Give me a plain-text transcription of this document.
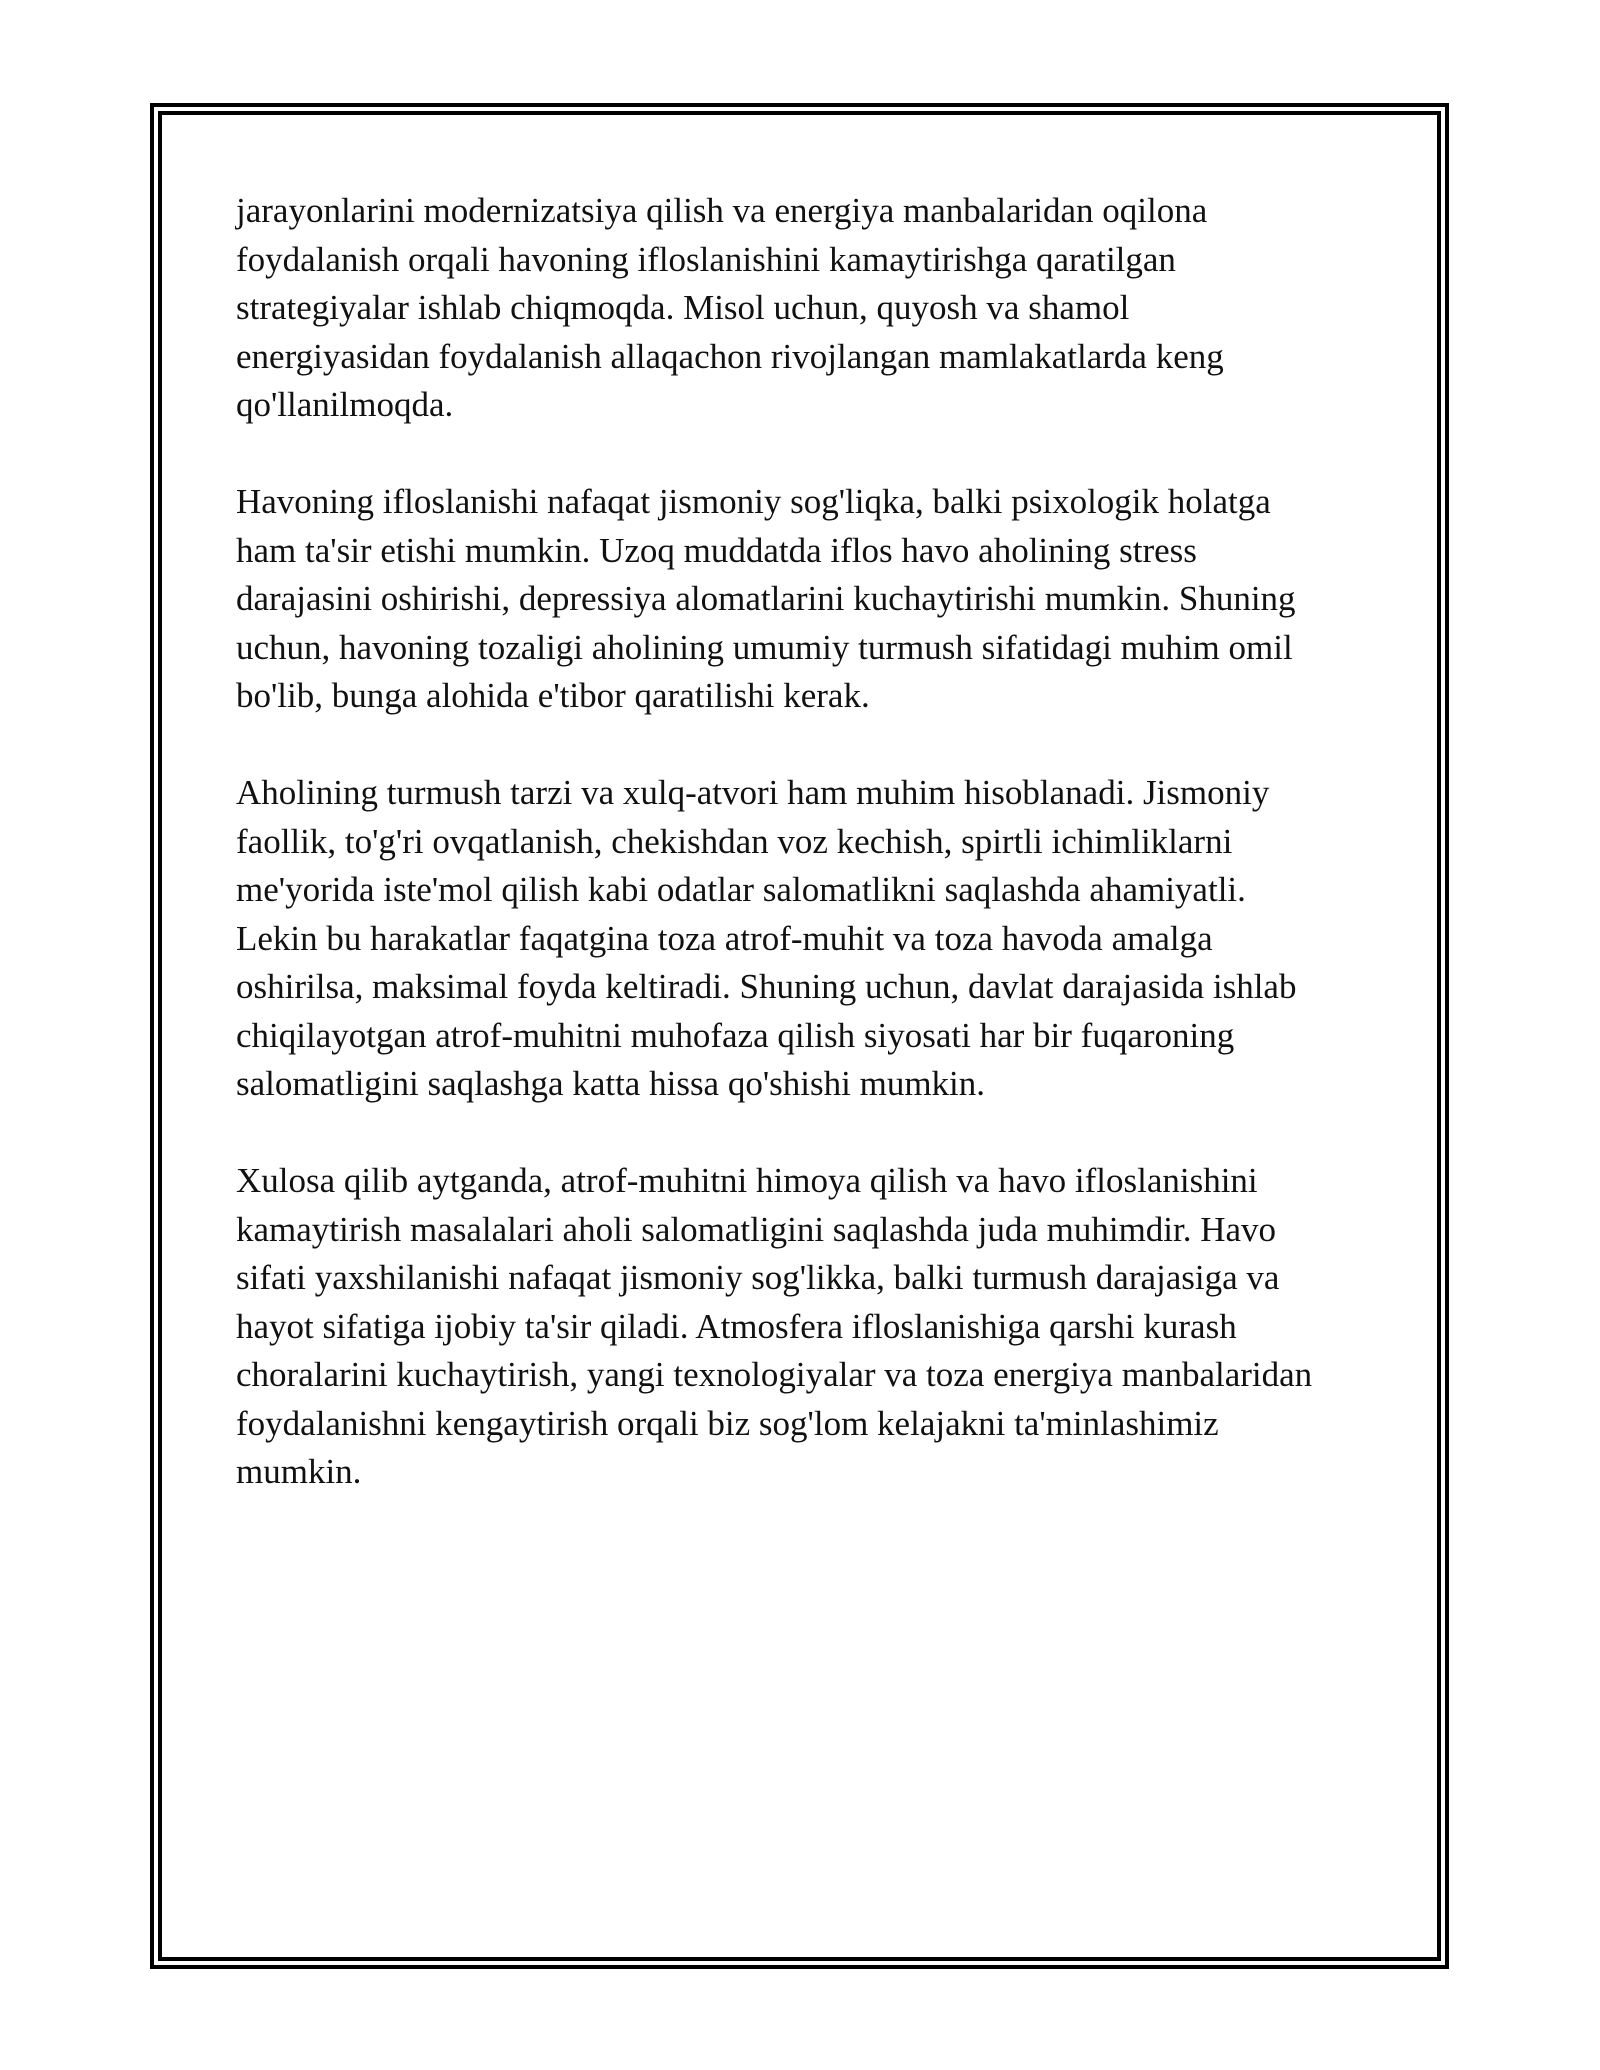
jarayonlarini modernizatsiya qilish va energiya manbalaridan oqilona
foydalanish orqali havoning ifloslanishini kamaytirishga qaratilgan
strategiyalar ishlab chiqmoqda. Misol uchun, quyosh va shamol
energiyasidan foydalanish allaqachon rivojlangan mamlakatlarda keng
qo'llanilmoqda.

Havoning ifloslanishi nafaqat jismoniy sog'liqka, balki psixologik holatga
ham ta'sir etishi mumkin. Uzoq muddatda iflos havo aholining stress
darajasini oshirishi, depressiya alomatlarini kuchaytirishi mumkin. Shuning
uchun, havoning tozaligi aholining umumiy turmush sifatidagi muhim omil
bo'lib, bunga alohida e'tibor qaratilishi kerak.

Aholining turmush tarzi va xulq-atvori ham muhim hisoblanadi. Jismoniy
faollik, to'g'ri ovqatlanish, chekishdan voz kechish, spirtli ichimliklarni
me'yorida iste'mol qilish kabi odatlar salomatlikni saqlashda ahamiyatli.
Lekin bu harakatlar faqatgina toza atrof-muhit va toza havoda amalga
oshirilsa, maksimal foyda keltiradi. Shuning uchun, davlat darajasida ishlab
chiqilayotgan atrof-muhitni muhofaza qilish siyosati har bir fuqaroning
salomatligini saqlashga katta hissa qo'shishi mumkin.

Xulosa qilib aytganda, atrof-muhitni himoya qilish va havo ifloslanishini
kamaytirish masalalari aholi salomatligini saqlashda juda muhimdir. Havo
sifati yaxshilanishi nafaqat jismoniy sog'likka, balki turmush darajasiga va
hayot sifatiga ijobiy ta'sir qiladi. Atmosfera ifloslanishiga qarshi kurash
choralarini kuchaytirish, yangi texnologiyalar va toza energiya manbalaridan
foydalanishni kengaytirish orqali biz sog'lom kelajakni ta'minlashimiz
mumkin.
